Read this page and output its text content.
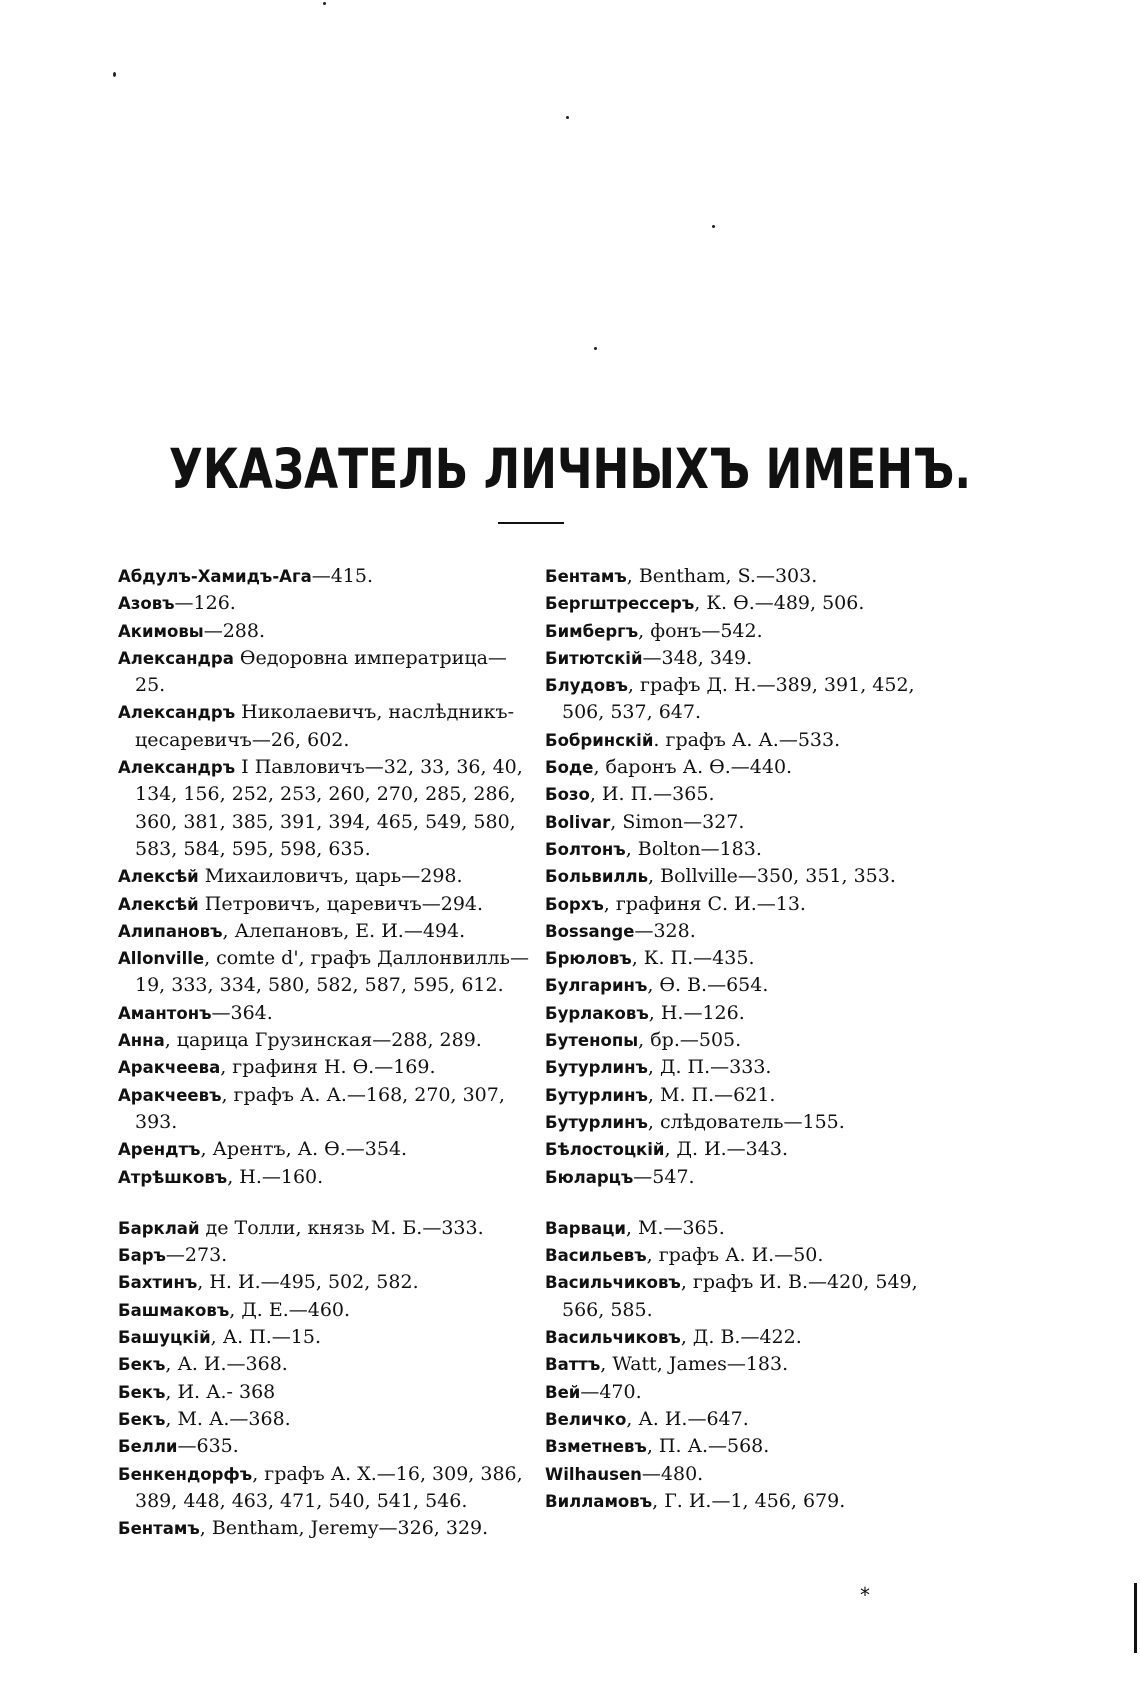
УКАЗАТЕЛЬ ЛИЧНЫХЪ ИМЕНЪ.

Абдулъ-Хамидъ-Ага—415.

Азовъ—126.

Акимовы—288.

Александра Өедоровна императрица—25.

Александръ Николаевичъ, наслѣдникъ-цесаревичъ—26, 602.

Александръ I Павловичъ—32, 33, 36, 40, 134, 156, 252, 253, 260, 270, 285, 286, 360, 381, 385, 391, 394, 465, 549, 580, 583, 584, 595, 598, 635.

Алексѣй Михаиловичъ, царь—298.

Алексѣй Петровичъ, царевичъ—294.

Алипановъ, Алепановъ, Е. И.—494.

Allonville, comte d', графъ Даллонвилль—19, 333, 334, 580, 582, 587, 595, 612.

Амантонъ—364.

Анна, царица Грузинская—288, 289.

Аракчеева, графиня Н. Ө.—169.

Аракчеевъ, графъ А. А.—168, 270, 307, 393.

Арендтъ, Арентъ, А. Ө.—354.

Атрѣшковъ, Н.—160.

Барклай де Толли, князь М. Б.—333.

Баръ—273.

Бахтинъ, Н. И.—495, 502, 582.

Башмаковъ, Д. Е.—460.

Башуцкій, А. П.—15.

Бекъ, А. И.—368.

Бекъ, И. А.- 368

Бекъ, М. А.—368.

Белли—635.

Бенкендорфъ, графъ А. Х.—16, 309, 386, 389, 448, 463, 471, 540, 541, 546.

Бентамъ, Bentham, Jeremy—326, 329.

Бентамъ, Bentham, S.—303.

Бергштрессеръ, К. Ө.—489, 506.

Бимбергъ, фонъ—542.

Битютскій—348, 349.

Блудовъ, графъ Д. Н.—389, 391, 452, 506, 537, 647.

Бобринскій. графъ А. А.—533.

Боде, баронъ А. Ө.—440.

Бозо, И. П.—365.

Bolivar, Simon—327.

Болтонъ, Bolton—183.

Больвилль, Bollville—350, 351, 353.

Борхъ, графиня С. И.—13.

Bossange—328.

Брюловъ, К. П.—435.

Булгаринъ, Ө. В.—654.

Бурлаковъ, Н.—126.

Бутенопы, бр.—505.

Бутурлинъ, Д. П.—333.

Бутурлинъ, М. П.—621.

Бутурлинъ, слѣдователь—155.

Бѣлостоцкій, Д. И.—343.

Бюларцъ—547.

Варваци, М.—365.

Васильевъ, графъ А. И.—50.

Васильчиковъ, графъ И. В.—420, 549, 566, 585.

Васильчиковъ, Д. В.—422.

Ваттъ, Watt, James—183.

Вей—470.

Величко, А. И.—647.

Взметневъ, П. А.—568.

Wilhausen—480.

Вилламовъ, Г. И.—1, 456, 679.

*
